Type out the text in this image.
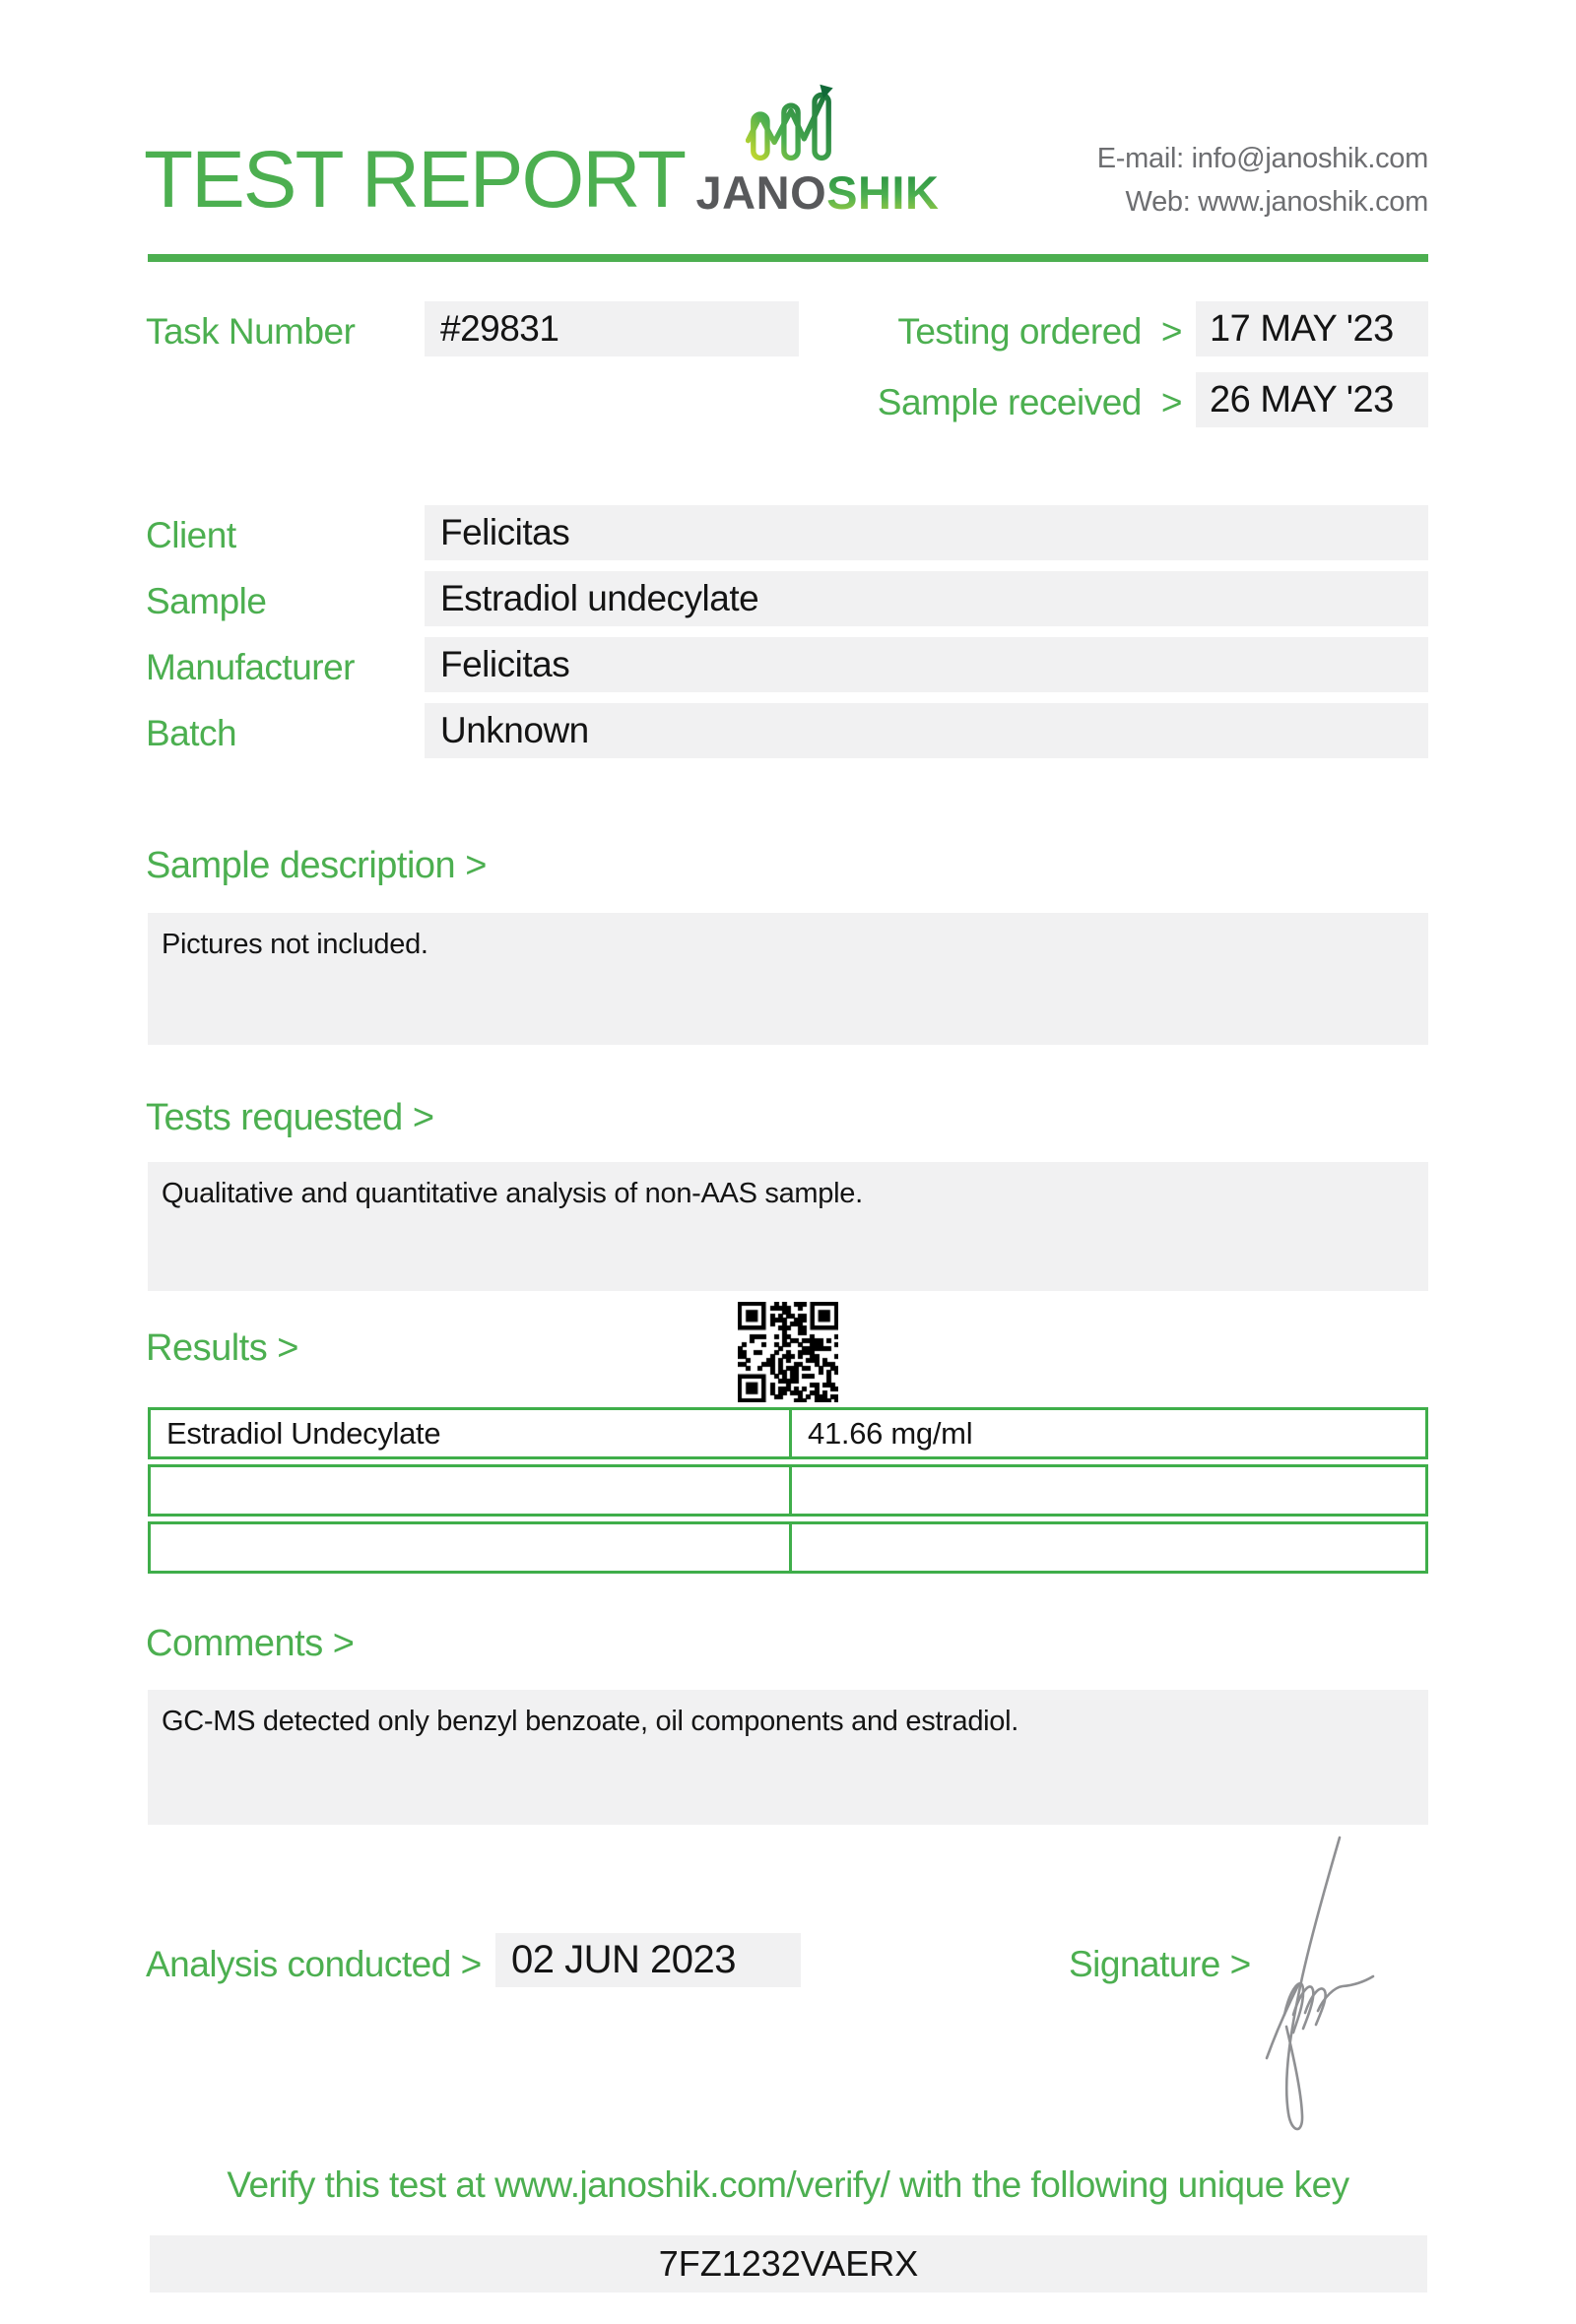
TEST REPORT JANOSHIK
E-mail: info@janoshik.com
Web: www.janoshik.com
Task Number	#29831	Testing ordered > 17 MAY '23
Sample received > 26 MAY '23
Client	Felicitas
Sample	Estradiol undecylate
Manufacturer	Felicitas
Batch	Unknown
Sample description >
Pictures not included.
Tests requested >
Qualitative and quantitative analysis of non-AAS sample.
Results >
Estradiol Undecylate	41.66 mg/ml
Comments >
GC-MS detected only benzyl benzoate, oil components and estradiol.
Analysis conducted > 02 JUN 2023	Signature >
Verify this test at www.janoshik.com/verify/ with the following unique key
7FZ1232VAERX
